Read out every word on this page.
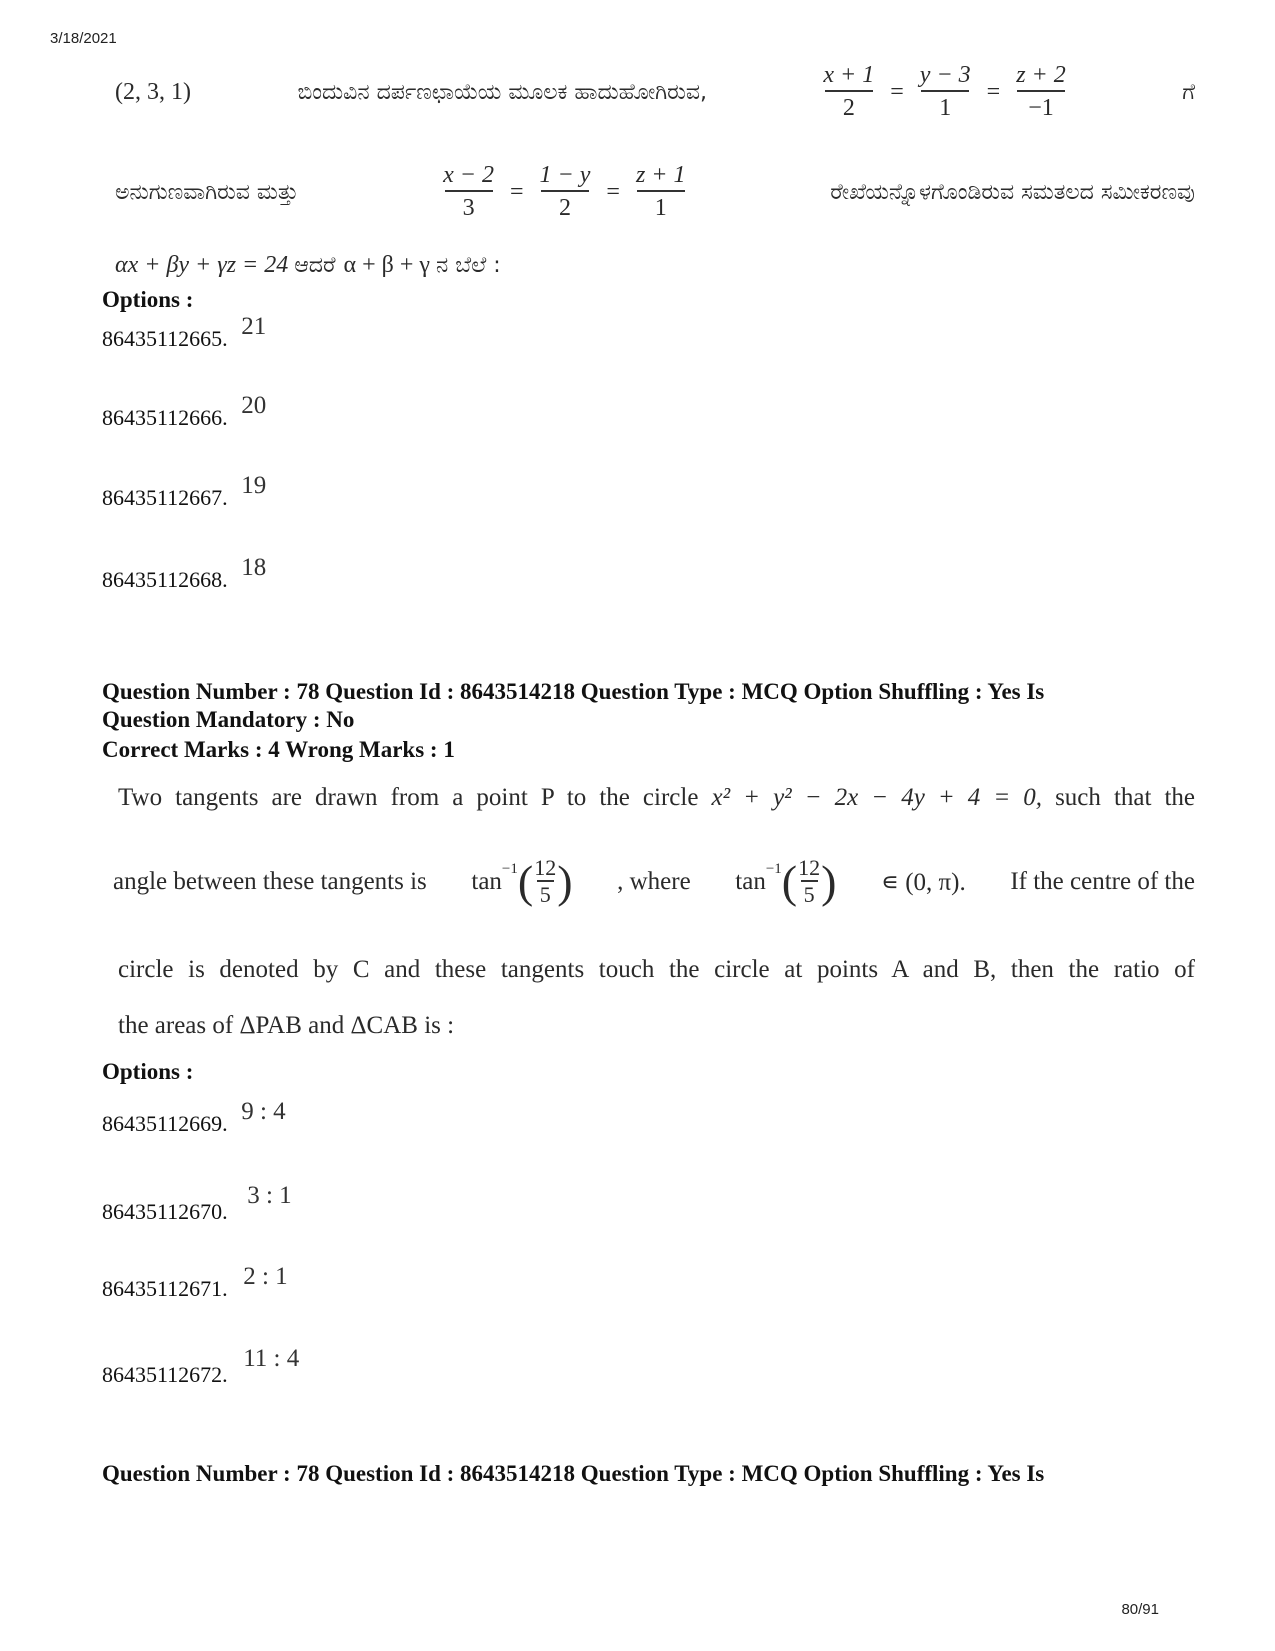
3/18/2021
(2, 3, 1)	ಬಿಂದುವಿನ ದರ್ಪಣಛಾಯೆಯ ಮೂಲಕ ಹಾದುಹೋಗಿರುವ,	$\frac{x + 1}{2} = \frac{y - 3}{1} = \frac{z + 2}{-1}$	ಗೆ
ಅನುಗುಣವಾಗಿರುವ ಮತ್ತು	$\frac{x - 2}{3} = \frac{1 - y}{2} = \frac{z + 1}{1}$	ರೇಖೆಯನ್ನೊಳಗೊಂಡಿರುವ ಸಮತಲದ ಸಮೀಕರಣವು
αx + βy + γz = 24 ಆದರೆ α + β + γ ನ ಬೆಲೆ :
Options :
86435112665. 21
86435112666. 20
86435112667. 19
86435112668. 18
Question Number : 78 Question Id : 8643514218 Question Type : MCQ Option Shuffling : Yes Is
Question Mandatory : No
Correct Marks : 4 Wrong Marks : 1
Two tangents are drawn from a point P to the circle x² + y² − 2x − 4y + 4 = 0, such that the
angle between these tangents is $\tan^{-1}$ ( $\frac{12}{5}$ ) , where $\tan^{-1}$ ( $\frac{12}{5}$ ) ∊ (0, π). If the centre of the
circle is denoted by C and these tangents touch the circle at points A and B, then the ratio of
the areas of ΔPAB and ΔCAB is :
Options :
86435112669. 9 : 4
86435112670. 3 : 1
86435112671. 2 : 1
86435112672. 11 : 4
Question Number : 78 Question Id : 8643514218 Question Type : MCQ Option Shuffling : Yes Is
80/91
